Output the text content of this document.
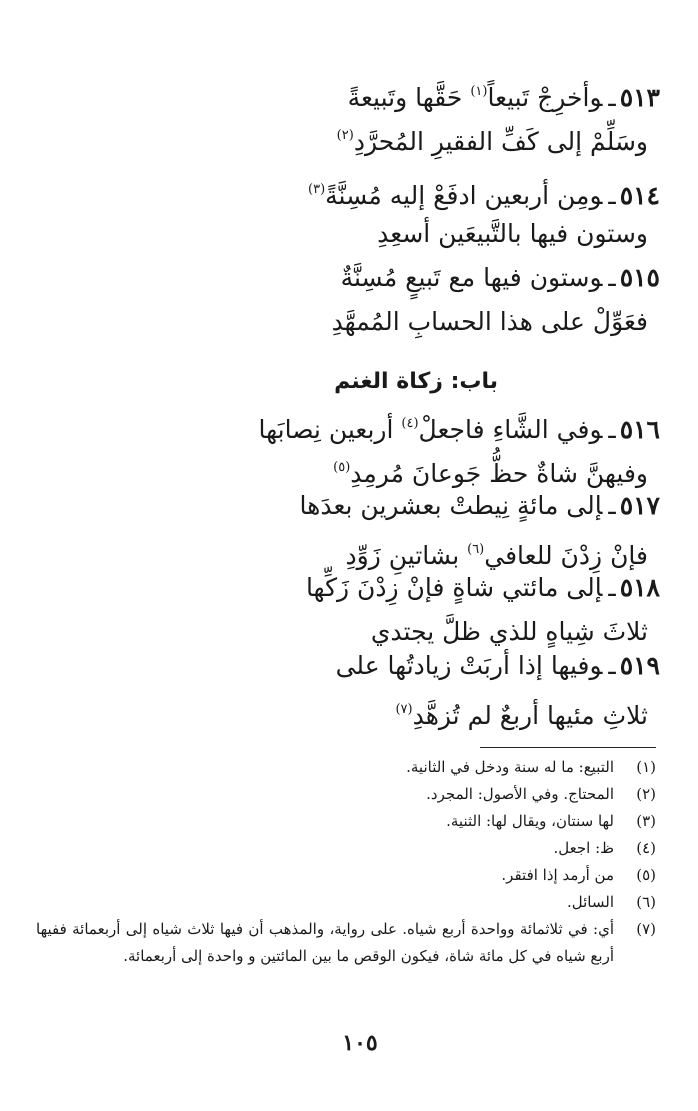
٥١٣ـوأخرِجْ تَبيعاً$^{(١)}$ حَقَّها وتَبيعةً
وسَلِّمْ إلى كَفِّ الفقيرِ المُحرَّدِ$^{(٢)}$
٥١٤ـومِن أربعين ادفَعْ إليه مُسِنَّةً$^{(٣)}$
وستون فيها بالتَّبيعَين أسعِدِ
٥١٥ـوستون فيها مع تَبيعٍ مُسِنَّةٌ
فعَوِّلْ على هذا الحسابِ المُمهَّدِ
باب: زكاة الغنم
٥١٦ـوفي الشَّاءِ فاجعلْ$^{(٤)}$ أربعين نِصابَها
وفيهنَّ شاةٌ حظُّ جَوعانَ مُرمِدِ$^{(٥)}$
٥١٧ـإلى مائةٍ نِيطتْ بعشرين بعدَها
فإنْ زِدْنَ للعافي$^{(٦)}$ بشاتينِ زَوِّدِ
٥١٨ـإلى مائتي شاةٍ فإنْ زِدْنَ زَكِّها
ثلاثَ شِياهٍ للذي ظلَّ يجتدي
٥١٩ـوفيها إذا أربَتْ زيادتُها على
ثلاثِ مئيها أربعٌ لم تُزهَّدِ$^{(٧)}$
(١)
التبيع: ما له سنة ودخل في الثانية.
(٢)
المحتاج. وفي الأصول: المجرد.
(٣)
لها سنتان، ويقال لها: الثنية.
(٤)
ظ: اجعل.
(٥)
من أرمد إذا افتقر.
(٦)
السائل.
(٧)
أي: في ثلاثمائة وواحدة أربع شياه. على رواية، والمذهب أن فيها ثلاث شياه إلى أربعمائة ففيها أربع شياه في كل مائة شاة، فيكون الوقص ما بين المائتين و واحدة إلى أربعمائة.
١٠٥
